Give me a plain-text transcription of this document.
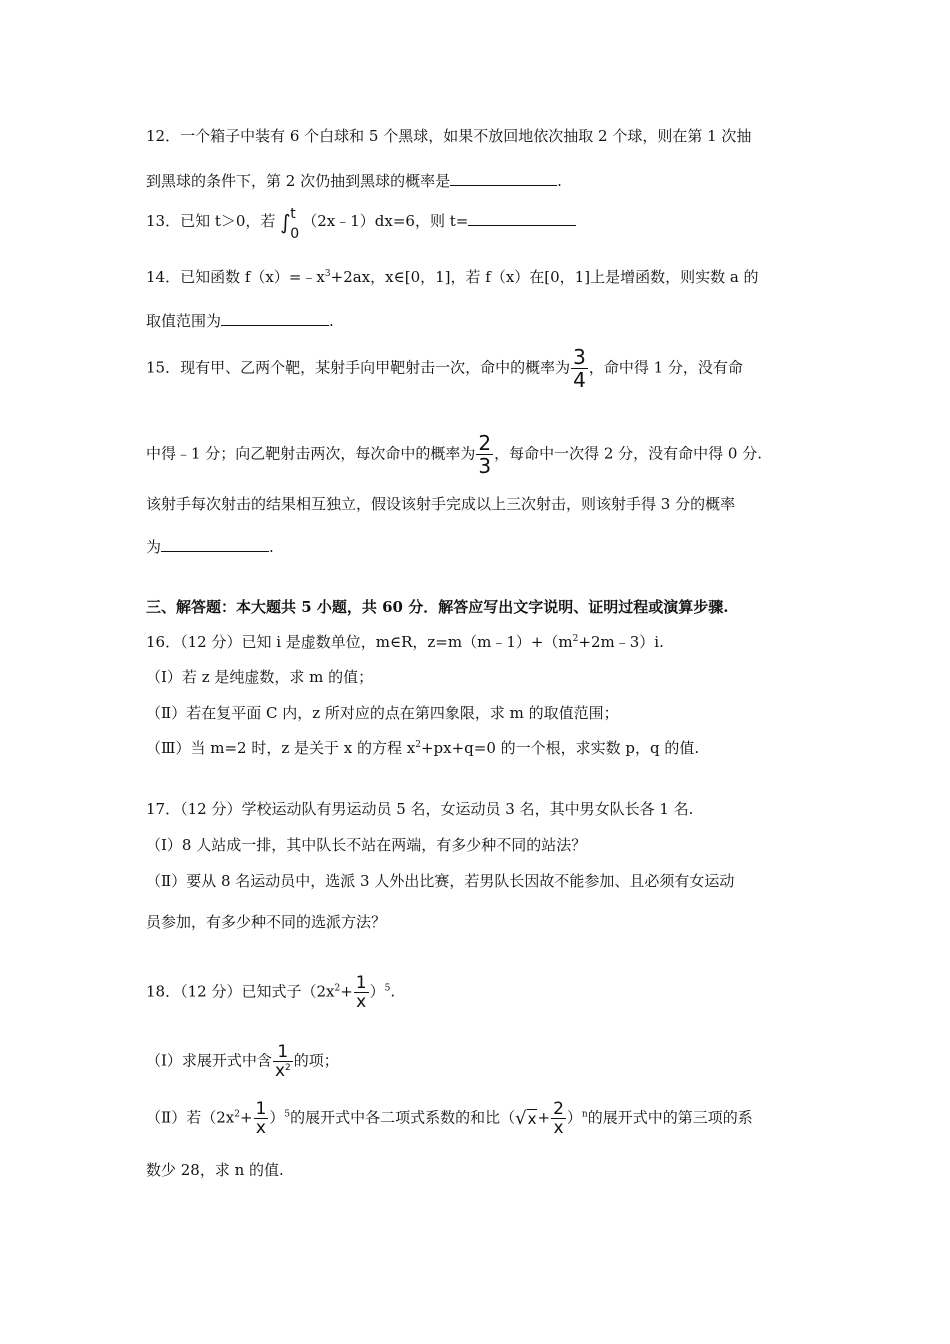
12．一个箱子中装有 6 个白球和 5 个黑球，如果不放回地依次抽取 2 个球，则在第 1 次抽
到黑球的条件下，第 2 次仍抽到黑球的概率是	.
13．已知 t＞0，若 ∫ t
0
（2x﹣1）dx=6，则 t=
14．已知函数 $f(x)=﹣x^3+2ax$，x∈[0，1]，若 f（x）在[0，1]上是增函数，则实数 a 的
取值范围为	.
15．现有甲、乙两个靶，某射手向甲靶射击一次，命中的概率为 $\frac{3}{4}$ ，命中得 1 分，没有命
中得﹣1 分；向乙靶射击两次，每次命中的概率为 $\frac{2}{3}$ ，每命中一次得 2 分，没有命中得 0 分.
该射手每次射击的结果相互独立，假设该射手完成以上三次射击，则该射手得 3 分的概率
为	.
三、解答题：本大题共 5 小题，共 60 分．解答应写出文字说明、证明过程或演算步骤.
16．（12 分）已知 i 是虚数单位，m∈R，$z=m(m﹣1)+(m^2+2m﹣3)i$.
（Ⅰ）若 z 是纯虚数，求 m 的值；
（Ⅱ）若在复平面 C 内，z 所对应的点在第四象限，求 m 的取值范围；
（Ⅲ）当 m=2 时，z 是关于 x 的方程 $x^2+px+q=0$ 的一个根，求实数 p，q 的值.
17．（12 分）学校运动队有男运动员 5 名，女运动员 3 名，其中男女队长各 1 名.
（Ⅰ）8 人站成一排，其中队长不站在两端，有多少种不同的站法？
（Ⅱ）要从 8 名运动员中，选派 3 人外出比赛，若男队长因故不能参加、且必须有女运动
员参加，有多少种不同的选派方法？
18．（12 分）已知式子$(2x^2+ \frac{1}{x} )^5$.
（Ⅰ）求展开式中含 $\frac{1}{x^2}$ 的项；
（Ⅱ）若$(2x^2+ \frac{1}{x} )^5$的展开式中各二项式系数的和比$(√x+ \frac{2}{x} )^n$的展开式中的第三项的系
数少 28，求 n 的值.
